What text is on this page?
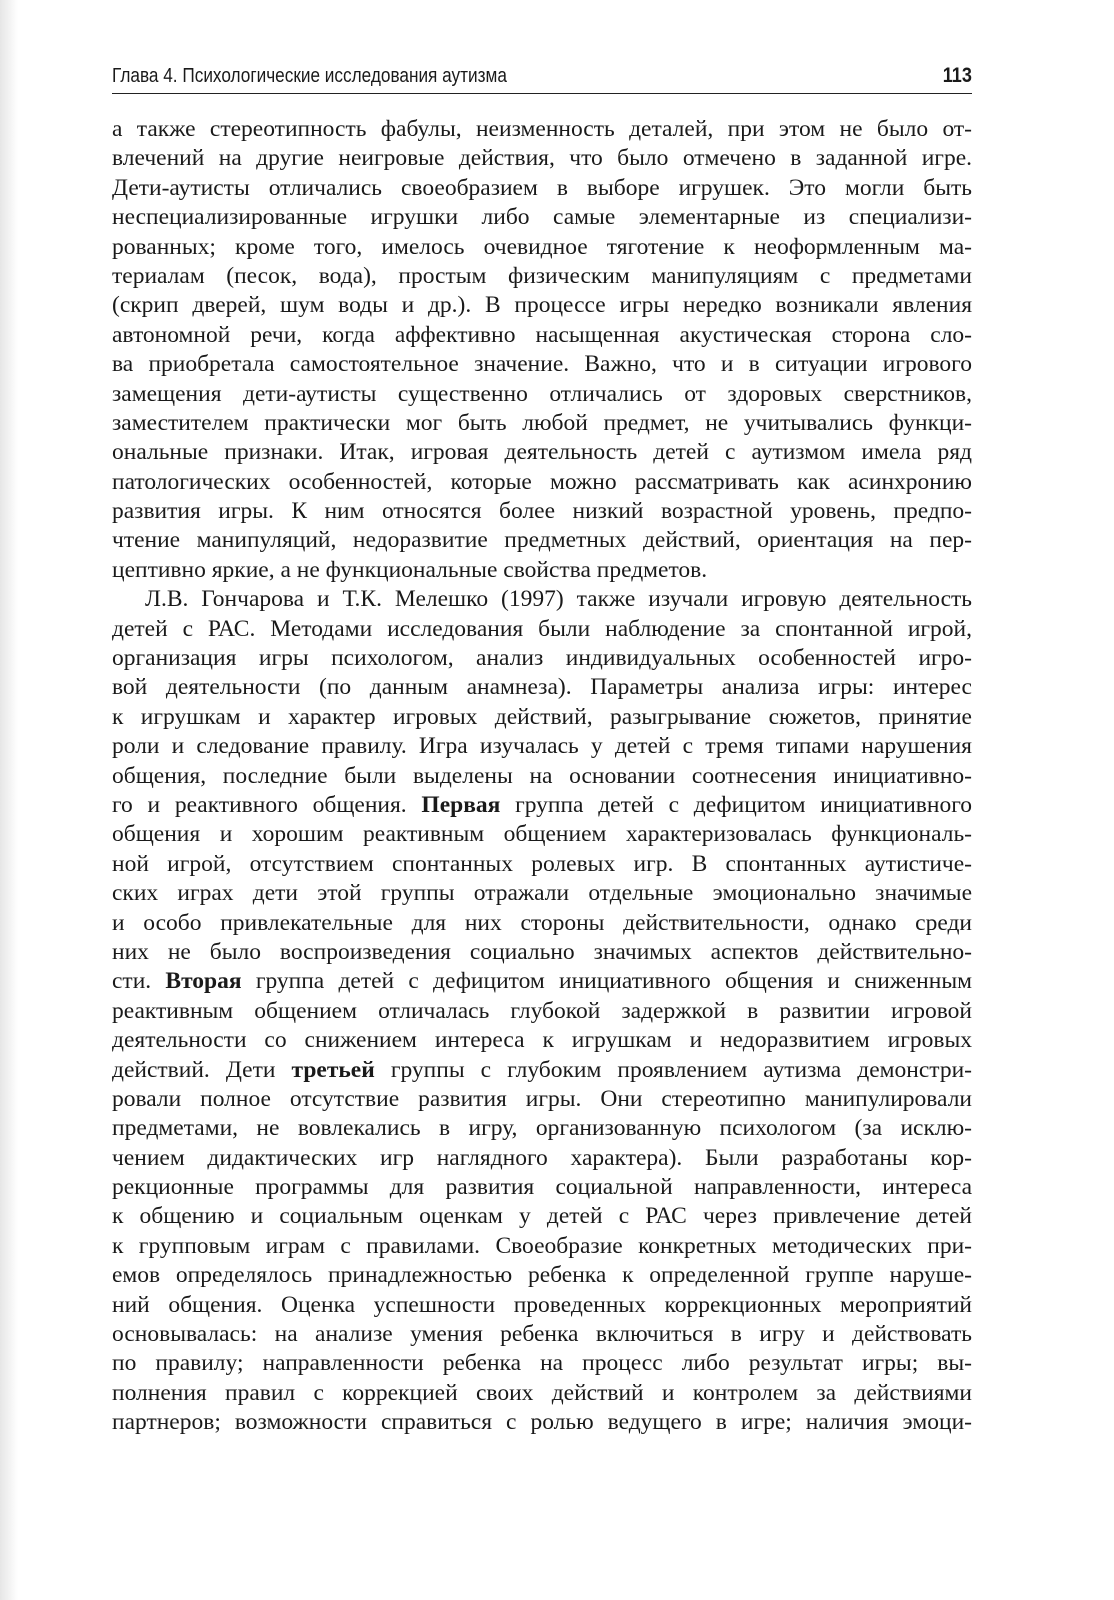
Глава 4. Психологические исследования аутизма	113
а также стереотипность фабулы, неизменность деталей, при этом не было от-
влечений на другие неигровые действия, что было отмечено в заданной игре.
Дети-аутисты отличались своеобразием в выборе игрушек. Это могли быть
неспециализированные игрушки либо самые элементарные из специализи-
рованных; кроме того, имелось очевидное тяготение к неоформленным ма-
териалам (песок, вода), простым физическим манипуляциям с предметами
(скрип дверей, шум воды и др.). В процессе игры нередко возникали явления
автономной речи, когда аффективно насыщенная акустическая сторона сло-
ва приобретала самостоятельное значение. Важно, что и в ситуации игрового
замещения дети-аутисты существенно отличались от здоровых сверстников,
заместителем практически мог быть любой предмет, не учитывались функци-
ональные признаки. Итак, игровая деятельность детей с аутизмом имела ряд
патологических особенностей, которые можно рассматривать как асинхронию
развития игры. К ним относятся более низкий возрастной уровень, предпо-
чтение манипуляций, недоразвитие предметных действий, ориентация на пер-
цептивно яркие, а не функциональные свойства предметов.
Л.В. Гончарова и Т.К. Мелешко (1997) также изучали игровую деятельность
детей с РАС. Методами исследования были наблюдение за спонтанной игрой,
организация игры психологом, анализ индивидуальных особенностей игро-
вой деятельности (по данным анамнеза). Параметры анализа игры: интерес
к игрушкам и характер игровых действий, разыгрывание сюжетов, принятие
роли и следование правилу. Игра изучалась у детей с тремя типами нарушения
общения, последние были выделены на основании соотнесения инициативно-
го и реактивного общения. Первая группа детей с дефицитом инициативного
общения и хорошим реактивным общением характеризовалась функциональ-
ной игрой, отсутствием спонтанных ролевых игр. В спонтанных аутистиче-
ских играх дети этой группы отражали отдельные эмоционально значимые
и особо привлекательные для них стороны действительности, однако среди
них не было воспроизведения социально значимых аспектов действительно-
сти. Вторая группа детей с дефицитом инициативного общения и сниженным
реактивным общением отличалась глубокой задержкой в развитии игровой
деятельности со снижением интереса к игрушкам и недоразвитием игровых
действий. Дети третьей группы с глубоким проявлением аутизма демонстри-
ровали полное отсутствие развития игры. Они стереотипно манипулировали
предметами, не вовлекались в игру, организованную психологом (за исклю-
чением дидактических игр наглядного характера). Были разработаны кор-
рекционные программы для развития социальной направленности, интереса
к общению и социальным оценкам у детей с РАС через привлечение детей
к групповым играм с правилами. Своеобразие конкретных методических при-
емов определялось принадлежностью ребенка к определенной группе наруше-
ний общения. Оценка успешности проведенных коррекционных мероприятий
основывалась: на анализе умения ребенка включиться в игру и действовать
по правилу; направленности ребенка на процесс либо результат игры; вы-
полнения правил с коррекцией своих действий и контролем за действиями
партнеров; возможности справиться с ролью ведущего в игре; наличия эмоци-
